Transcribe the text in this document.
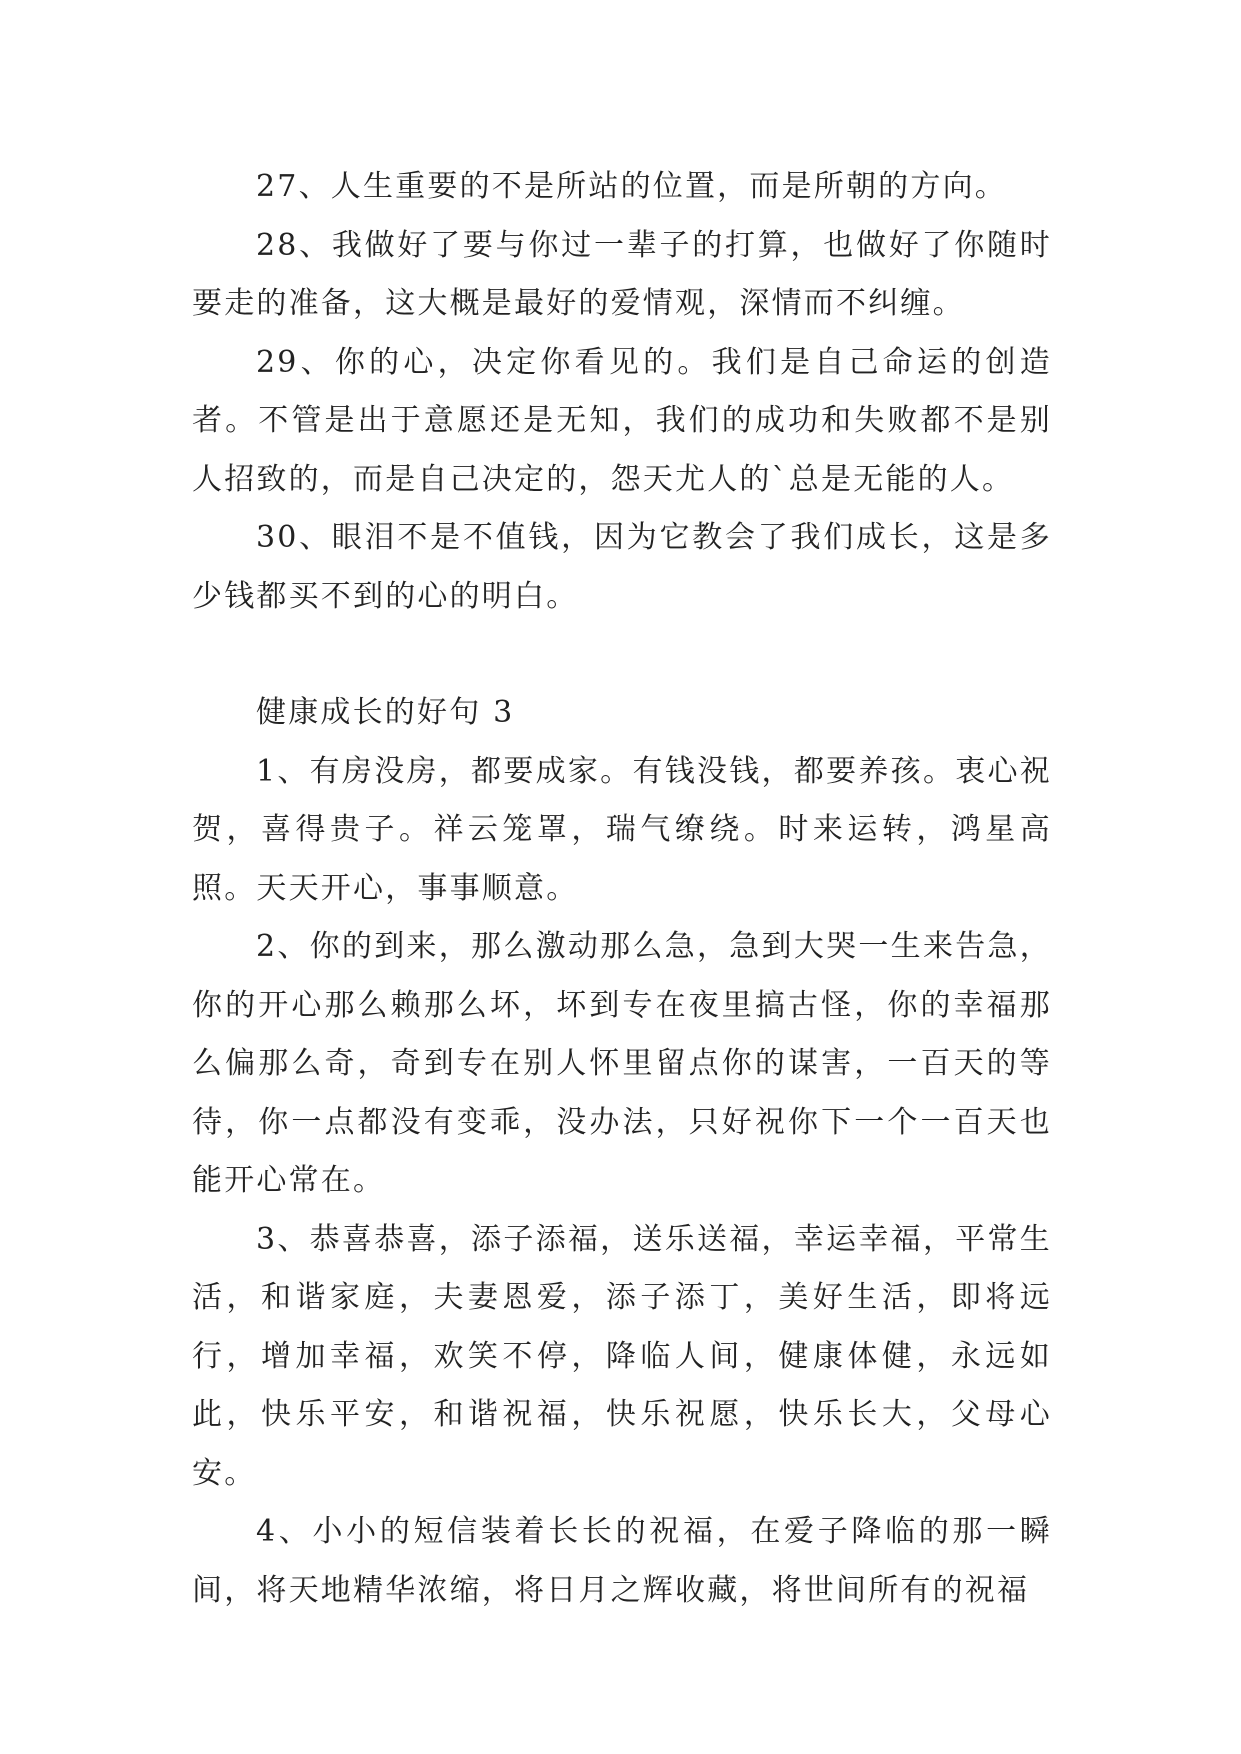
27、人生重要的不是所站的位置，而是所朝的方向。

28、我做好了要与你过一辈子的打算，也做好了你随时要走的准备，这大概是最好的爱情观，深情而不纠缠。

29、你的心，决定你看见的。我们是自己命运的创造者。不管是出于意愿还是无知，我们的成功和失败都不是别人招致的，而是自己决定的，怨天尤人的`总是无能的人。

30、眼泪不是不值钱，因为它教会了我们成长，这是多少钱都买不到的心的明白。

健康成长的好句 3

1、有房没房，都要成家。有钱没钱，都要养孩。衷心祝贺，喜得贵子。祥云笼罩，瑞气缭绕。时来运转，鸿星高照。天天开心，事事顺意。

2、你的到来，那么激动那么急，急到大哭一生来告急，你的开心那么赖那么坏，坏到专在夜里搞古怪，你的幸福那么偏那么奇，奇到专在别人怀里留点你的谋害，一百天的等待，你一点都没有变乖，没办法，只好祝你下一个一百天也能开心常在。

3、恭喜恭喜，添子添福，送乐送福，幸运幸福，平常生活，和谐家庭，夫妻恩爱，添子添丁，美好生活，即将远行，增加幸福，欢笑不停，降临人间，健康体健，永远如此，快乐平安，和谐祝福，快乐祝愿，快乐长大，父母心安。

4、小小的短信装着长长的祝福，在爱子降临的那一瞬间，将天地精华浓缩，将日月之辉收藏，将世间所有的祝福
